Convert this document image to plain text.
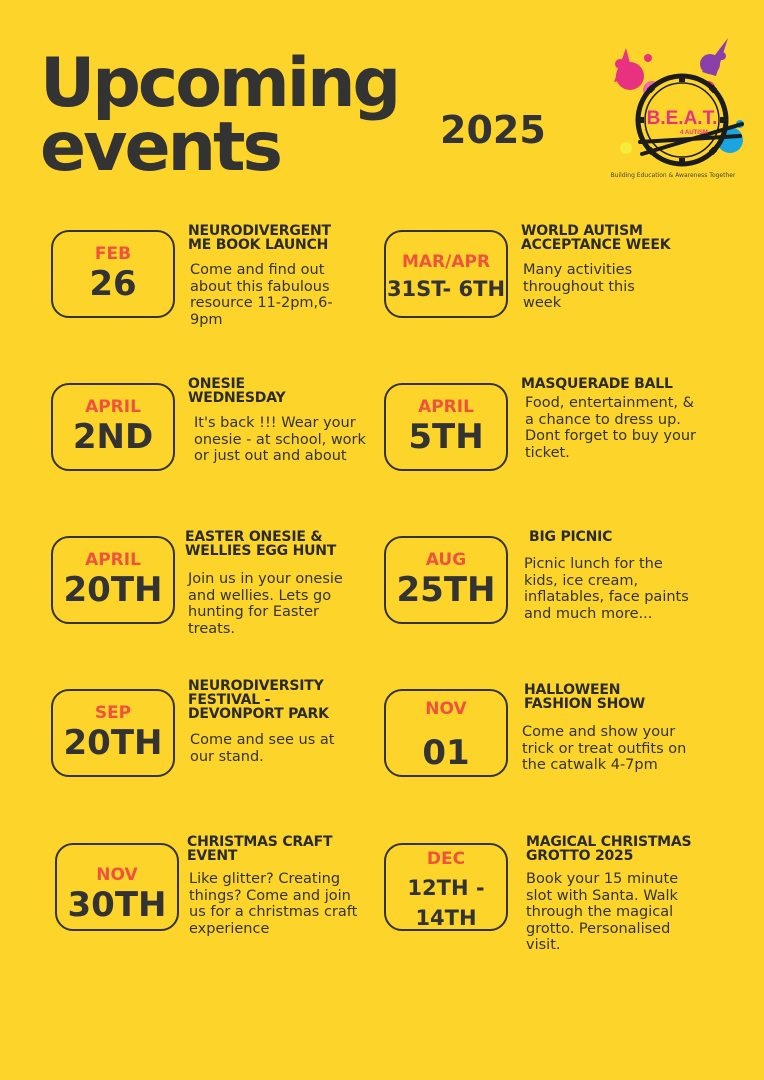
Upcoming
events	2025	B.E.A.T.
4 AUTISM
Building Education & Awareness Together
FEB
26
NEURODIVERGENT ME BOOK LAUNCH
Come and find out about this fabulous resource 11-2pm,6-9pm
MAR/APR
31ST- 6TH
WORLD AUTISM ACCEPTANCE WEEK
Many activities throughout this week
APRIL
2ND
ONESIE WEDNESDAY
It's back !!! Wear your onesie - at school, work or just out and about
APRIL
5TH
MASQUERADE BALL
Food, entertainment, & a chance to dress up. Dont forget to buy your ticket.
APRIL
20TH
EASTER ONESIE & WELLIES EGG HUNT
Join us in your onesie and wellies. Lets go hunting for Easter treats.
AUG
25TH
BIG PICNIC
Picnic lunch for the kids, ice cream, inflatables, face paints and much more...
SEP
20TH
NEURODIVERSITY FESTIVAL - DEVONPORT PARK
Come and see us at our stand.
NOV
01
HALLOWEEN FASHION SHOW
Come and show your trick or treat outfits on the catwalk 4-7pm
NOV
30TH
CHRISTMAS CRAFT EVENT
Like glitter? Creating things? Come and join us for a christmas craft experience
DEC
12TH - 14TH
MAGICAL CHRISTMAS GROTTO 2025
Book your 15 minute slot with Santa. Walk through the magical grotto. Personalised visit.
